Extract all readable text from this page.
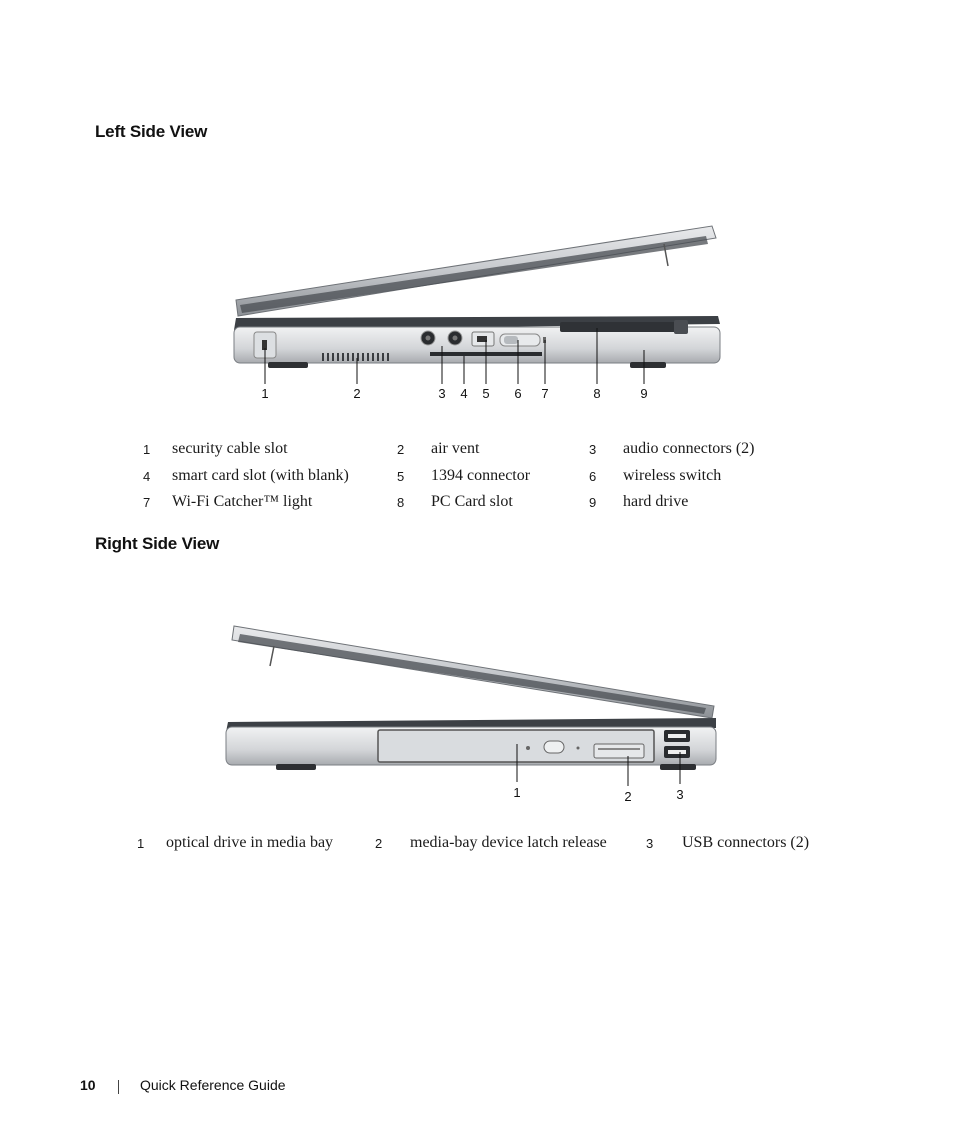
Left Side View
1	2	3 4 5 6 7	8	9
1 security cable slot	2 air vent	3 audio connectors (2)
4 smart card slot (with blank)	5 1394 connector	6 wireless switch
7 Wi-Fi Catcher™ light	8 PC Card slot	9 hard drive
Right Side View
1	2	3
1 optical drive in media bay	2 media-bay device latch release	3 USB connectors (2)
10	Quick Reference Guide
